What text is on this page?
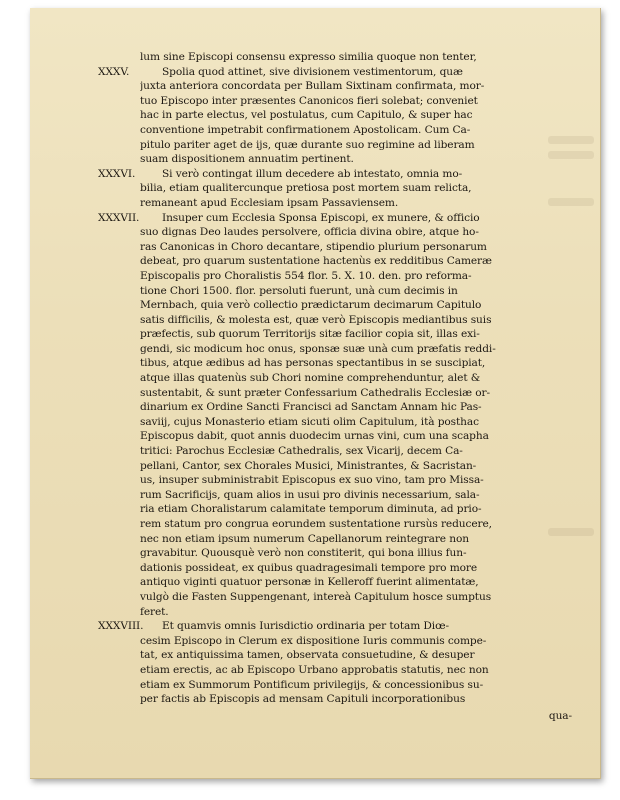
lum sine Episcopi consensu expresso similia quoque non tenter,
XXXV.	Spolia quod attinet, sive divisionem vestimentorum, quæ
juxta anteriora concordata per Bullam Sixtinam confirmata, mor-
tuo Episcopo inter præsentes Canonicos fieri solebat; conveniet
hac in parte electus, vel postulatus, cum Capitulo, & super hac
conventione impetrabit confirmationem Apostolicam. Cum Ca-
pitulo pariter aget de ijs, quæ durante suo regimine ad liberam
suam dispositionem annuatim pertinent.
XXXVI.	Si verò contingat illum decedere ab intestato, omnia mo-
bilia, etiam qualitercunque pretiosa post mortem suam relicta,
remaneant apud Ecclesiam ipsam Passaviensem.
XXXVII.	Insuper cum Ecclesia Sponsa Episcopi, ex munere, & officio
suo dignas Deo laudes persolvere, officia divina obire, atque ho-
ras Canonicas in Choro decantare, stipendio plurium personarum
debeat, pro quarum sustentatione hactenùs ex redditibus Cameræ
Episcopalis pro Choralistis 554 flor. 5. X. 10. den. pro reforma-
tione Chori 1500. flor. persoluti fuerunt, unà cum decimis in
Mernbach, quia verò collectio prædictarum decimarum Capitulo
satis difficilis, & molesta est, quæ verò Episcopis mediantibus suis
præfectis, sub quorum Territorijs sitæ facilior copia sit, illas exi-
gendi, sic modicum hoc onus, sponsæ suæ unà cum præfatis reddi-
tibus, atque ædibus ad has personas spectantibus in se suscipiat,
atque illas quatenùs sub Chori nomine comprehenduntur, alet &
sustentabit, & sunt præter Confessarium Cathedralis Ecclesiæ or-
dinarium ex Ordine Sancti Francisci ad Sanctam Annam hic Pas-
saviij, cujus Monasterio etiam sicuti olim Capitulum, ità posthac
Episcopus dabit, quot annis duodecim urnas vini, cum una scapha
tritici: Parochus Ecclesiæ Cathedralis, sex Vicarij, decem Ca-
pellani, Cantor, sex Chorales Musici, Ministrantes, & Sacristan-
us, insuper subministrabit Episcopus ex suo vino, tam pro Missa-
rum Sacrificijs, quam alios in usui pro divinis necessarium, sala-
ria etiam Choralistarum calamitate temporum diminuta, ad prio-
rem statum pro congrua eorundem sustentatione rursùs reducere,
nec non etiam ipsum numerum Capellanorum reintegrare non
gravabitur. Quousquè verò non constiterit, qui bona illius fun-
dationis possideat, ex quibus quadragesimali tempore pro more
antiquo viginti quatuor personæ in Kelleroff fuerint alimentatæ,
vulgò die Fasten Suppengenant, intereà Capitulum hosce sumptus
feret.
XXXVIII.	Et quamvis omnis Iurisdictio ordinaria per totam Diœ-
cesim Episcopo in Clerum ex dispositione Iuris communis compe-
tat, ex antiquissima tamen, observata consuetudine, & desuper
etiam erectis, ac ab Episcopo Urbano approbatis statutis, nec non
etiam ex Summorum Pontificum privilegijs, & concessionibus su-
per factis ab Episcopis ad mensam Capituli incorporationibus
qua-
